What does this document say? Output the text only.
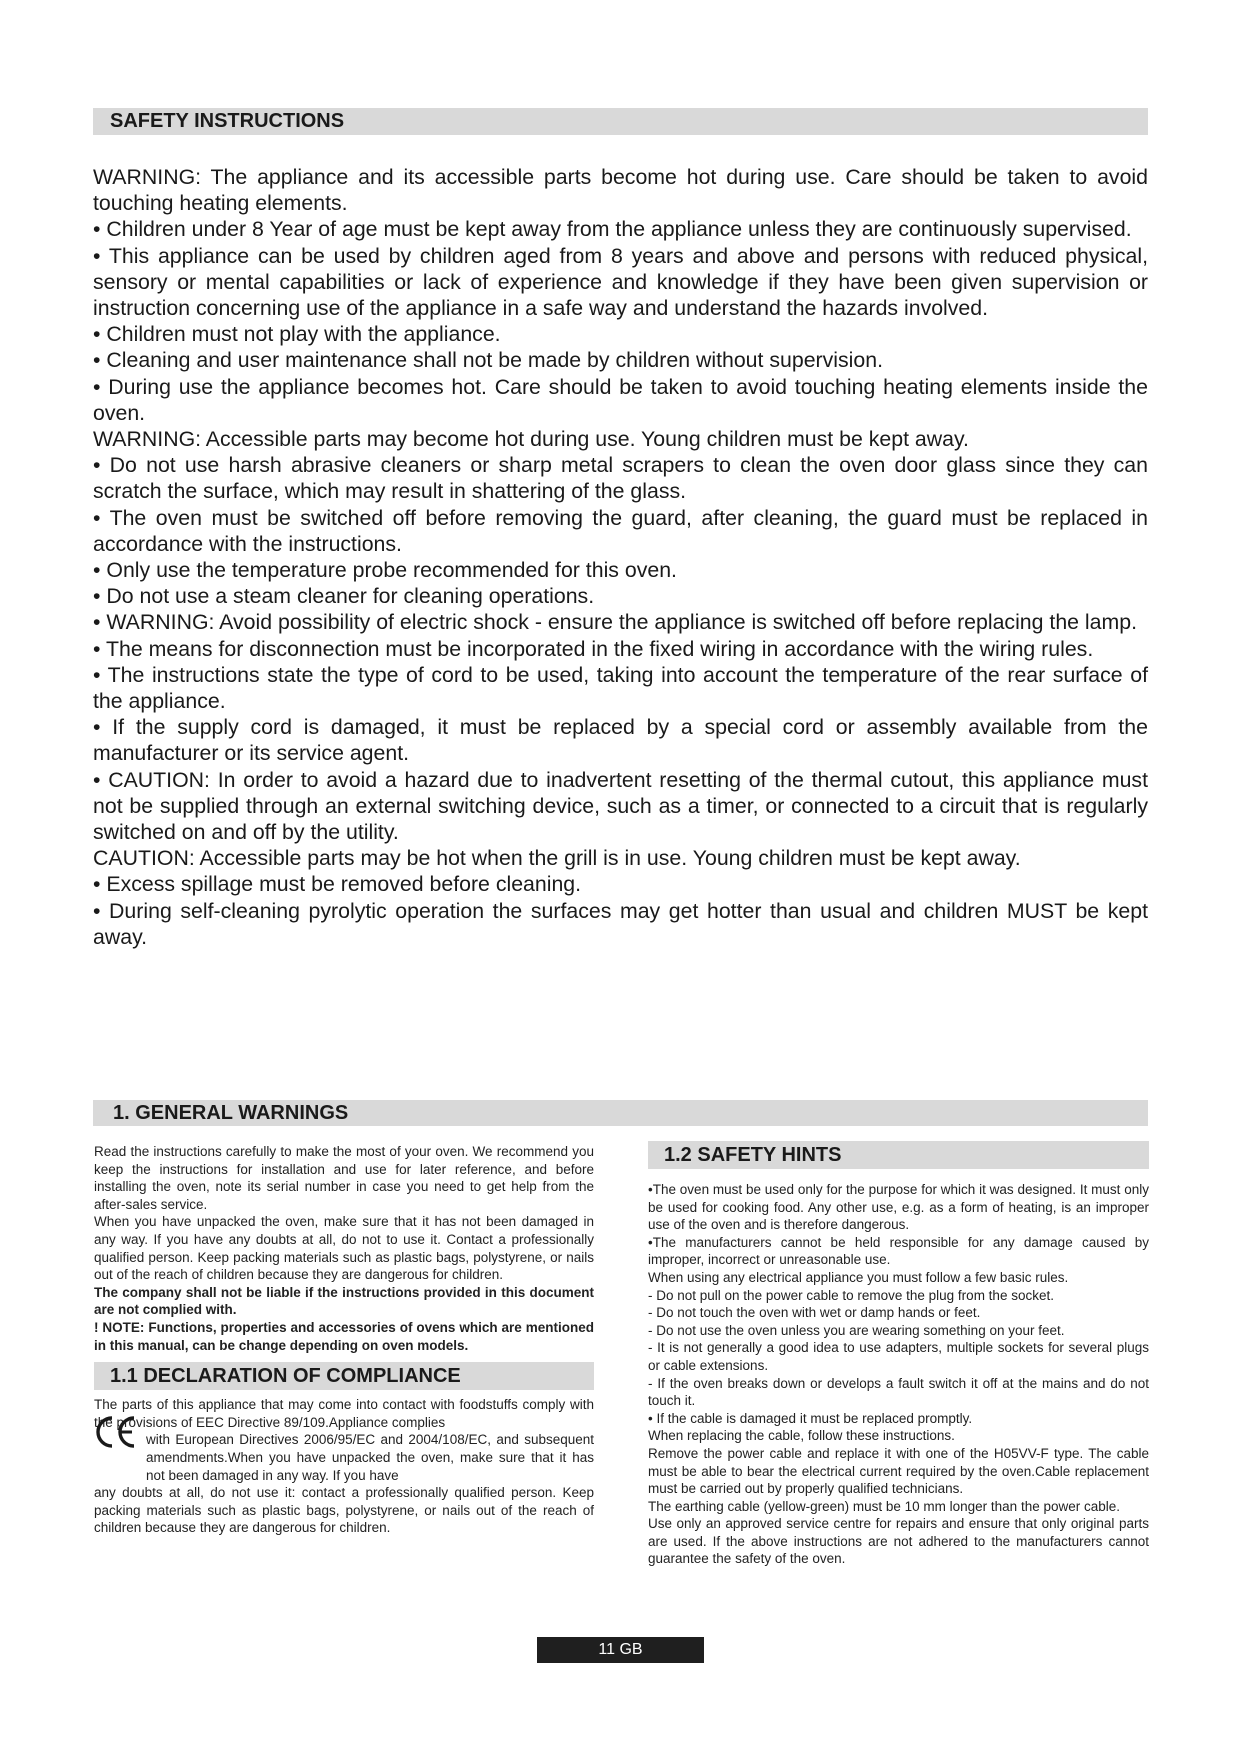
SAFETY INSTRUCTIONS

WARNING: The appliance and its accessible parts become hot during use. Care should be taken to avoid touching heating elements.

• Children under 8 Year of age must be kept away from the appliance unless they are continuously supervised.

• This appliance can be used by children aged from 8 years and above and persons with reduced physical, sensory or mental capabilities or lack of experience and knowledge if they have been given supervision or instruction concerning use of the appliance in a safe way and understand the hazards involved.

• Children must not play with the appliance.

• Cleaning and user maintenance shall not be made by children without supervision.

• During use the appliance becomes hot. Care should be taken to avoid touching heating elements inside the oven.

WARNING: Accessible parts may become hot during use. Young children must be kept away.

• Do not use harsh abrasive cleaners or sharp metal scrapers to clean the oven door glass since they can scratch the surface, which may result in shattering of the glass.

• The oven must be switched off before removing the guard, after cleaning, the guard must be replaced in accordance with the instructions.

• Only use the temperature probe recommended for this oven.

• Do not use a steam cleaner for cleaning operations.

• WARNING: Avoid possibility of electric shock - ensure the appliance is switched off before replacing the lamp.

• The means for disconnection must be incorporated in the fixed wiring in accordance with the wiring rules.

• The instructions state the type of cord to be used, taking into account the temperature of the rear surface of the appliance.

• If the supply cord is damaged, it must be replaced by a special cord or assembly available from the manufacturer or its service agent.

• CAUTION: In order to avoid a hazard due to inadvertent resetting of the thermal cutout, this appliance must not be supplied through an external switching device, such as a timer, or connected to a circuit that is regularly switched on and off by the utility.

CAUTION: Accessible parts may be hot when the grill is in use. Young children must be kept away.

• Excess spillage must be removed before cleaning.

• During self-cleaning pyrolytic operation the surfaces may get hotter than usual and children MUST be kept away.

1. GENERAL WARNINGS

Read the instructions carefully to make the most of your oven. We recommend you keep the instructions for installation and use for later reference, and before installing the oven, note its serial number in case you need to get help from the after-sales service.

When you have unpacked the oven, make sure that it has not been damaged in any way. If you have any doubts at all, do not to use it. Contact a professionally qualified person. Keep packing materials such as plastic bags, polystyrene, or nails out of the reach of children because they are dangerous for children.

The company shall not be liable if the instructions provided in this document are not complied with.

! NOTE: Functions, properties and accessories of ovens which are mentioned in this manual, can be change depending on oven models.

1.1 DECLARATION OF COMPLIANCE

The parts of this appliance that may come into contact with foodstuffs comply with the provisions of EEC Directive 89/109.Appliance complies

with European Directives 2006/95/EC and 2004/108/EC, and subsequent amendments.When you have unpacked the oven, make sure that it has not been damaged in any way. If you have

any doubts at all, do not use it: contact a professionally qualified person. Keep packing materials such as plastic bags, polystyrene, or nails out of the reach of children because they are dangerous for children.

1.2 SAFETY HINTS

•The oven must be used only for the purpose for which it was designed. It must only be used for cooking food. Any other use, e.g. as a form of heating, is an improper use of the oven and is therefore dangerous.

•The manufacturers cannot be held responsible for any damage caused by improper, incorrect or unreasonable use.

When using any electrical appliance you must follow a few basic rules.

- Do not pull on the power cable to remove the plug from the socket.

- Do not touch the oven with wet or damp hands or feet.

- Do not use the oven unless you are wearing something on your feet.

- It is not generally a good idea to use adapters, multiple sockets for several plugs or cable extensions.

- If the oven breaks down or develops a fault switch it off at the mains and do not touch it.

• If the cable is damaged it must be replaced promptly.

When replacing the cable, follow these instructions.

Remove the power cable and replace it with one of the H05VV-F type. The cable must be able to bear the electrical current required by the oven.Cable replacement must be carried out by properly qualified technicians.

The earthing cable (yellow-green) must be 10 mm longer than the power cable.

Use only an approved service centre for repairs and ensure that only original parts are used. If the above instructions are not adhered to the manufacturers cannot guarantee the safety of the oven.

11 GB
